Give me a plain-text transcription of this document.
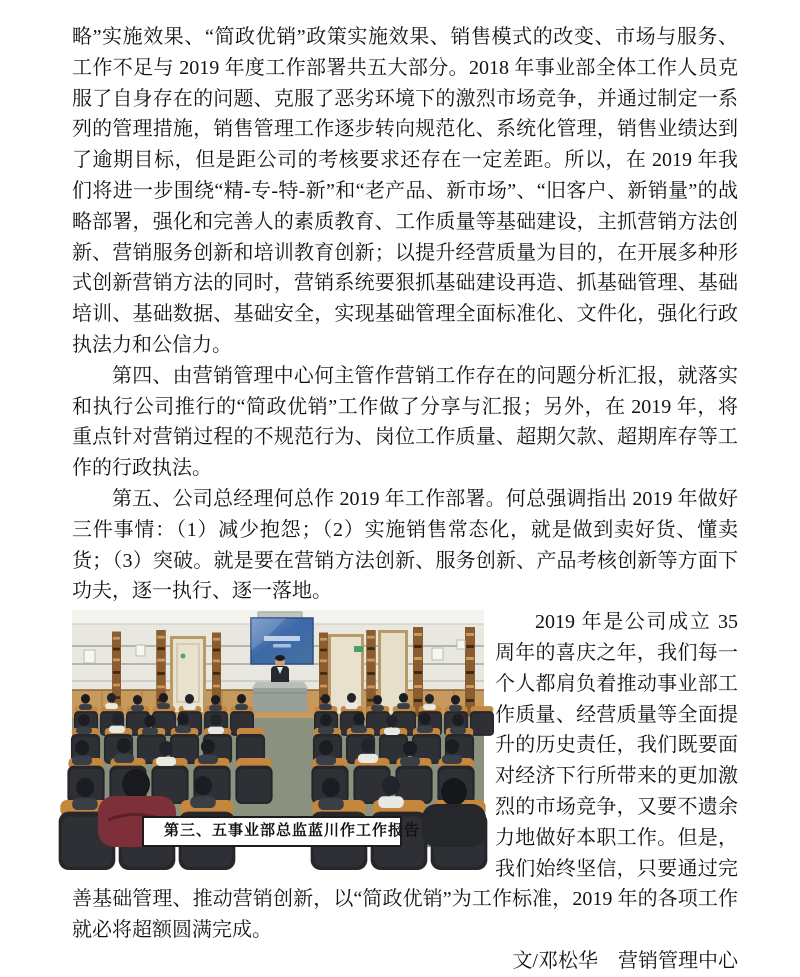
略”实施效果、“简政优销”政策实施效果、销售模式的改变、市场与服务、工作不足与 2019 年度工作部署共五大部分。2018 年事业部全体工作人员克服了自身存在的问题、克服了恶劣环境下的激烈市场竞争，并通过制定一系列的管理措施，销售管理工作逐步转向规范化、系统化管理，销售业绩达到了逾期目标，但是距公司的考核要求还存在一定差距。所以，在 2019 年我们将进一步围绕“精-专-特-新”和“老产品、新市场”、“旧客户、新销量”的战略部署，强化和完善人的素质教育、工作质量等基础建设，主抓营销方法创新、营销服务创新和培训教育创新；以提升经营质量为目的，在开展多种形式创新营销方法的同时，营销系统要狠抓基础建设再造、抓基础管理、基础培训、基础数据、基础安全，实现基础管理全面标准化、文件化，强化行政执法力和公信力。

第四、由营销管理中心何主管作营销工作存在的问题分析汇报，就落实和执行公司推行的“简政优销”工作做了分享与汇报；另外，在 2019 年，将重点针对营销过程的不规范行为、岗位工作质量、超期欠款、超期库存等工作的行政执法。

第五、公司总经理何总作 2019 年工作部署。何总强调指出 2019 年做好三件事情：（1）减少抱怨；（2）实施销售常态化，就是做到卖好货、懂卖货；（3）突破。就是要在营销方法创新、服务创新、产品考核创新等方面下功夫，逐一执行、逐一落地。

第三、五事业部总监蓝川作工作报告
2019 年是公司成立 35 周年的喜庆之年，我们每一个人都肩负着推动事业部工作质量、经营质量等全面提升的历史责任，我们既要面对经济下行所带来的更加激烈的市场竞争，又要不遗余力地做好本职工作。但是，我们始终坚信，只要通过完善基础管理、推动营销创新，以“简政优销”为工作标准，2019 年的各项工作就必将超额圆满完成。

文/邓松华　营销管理中心
